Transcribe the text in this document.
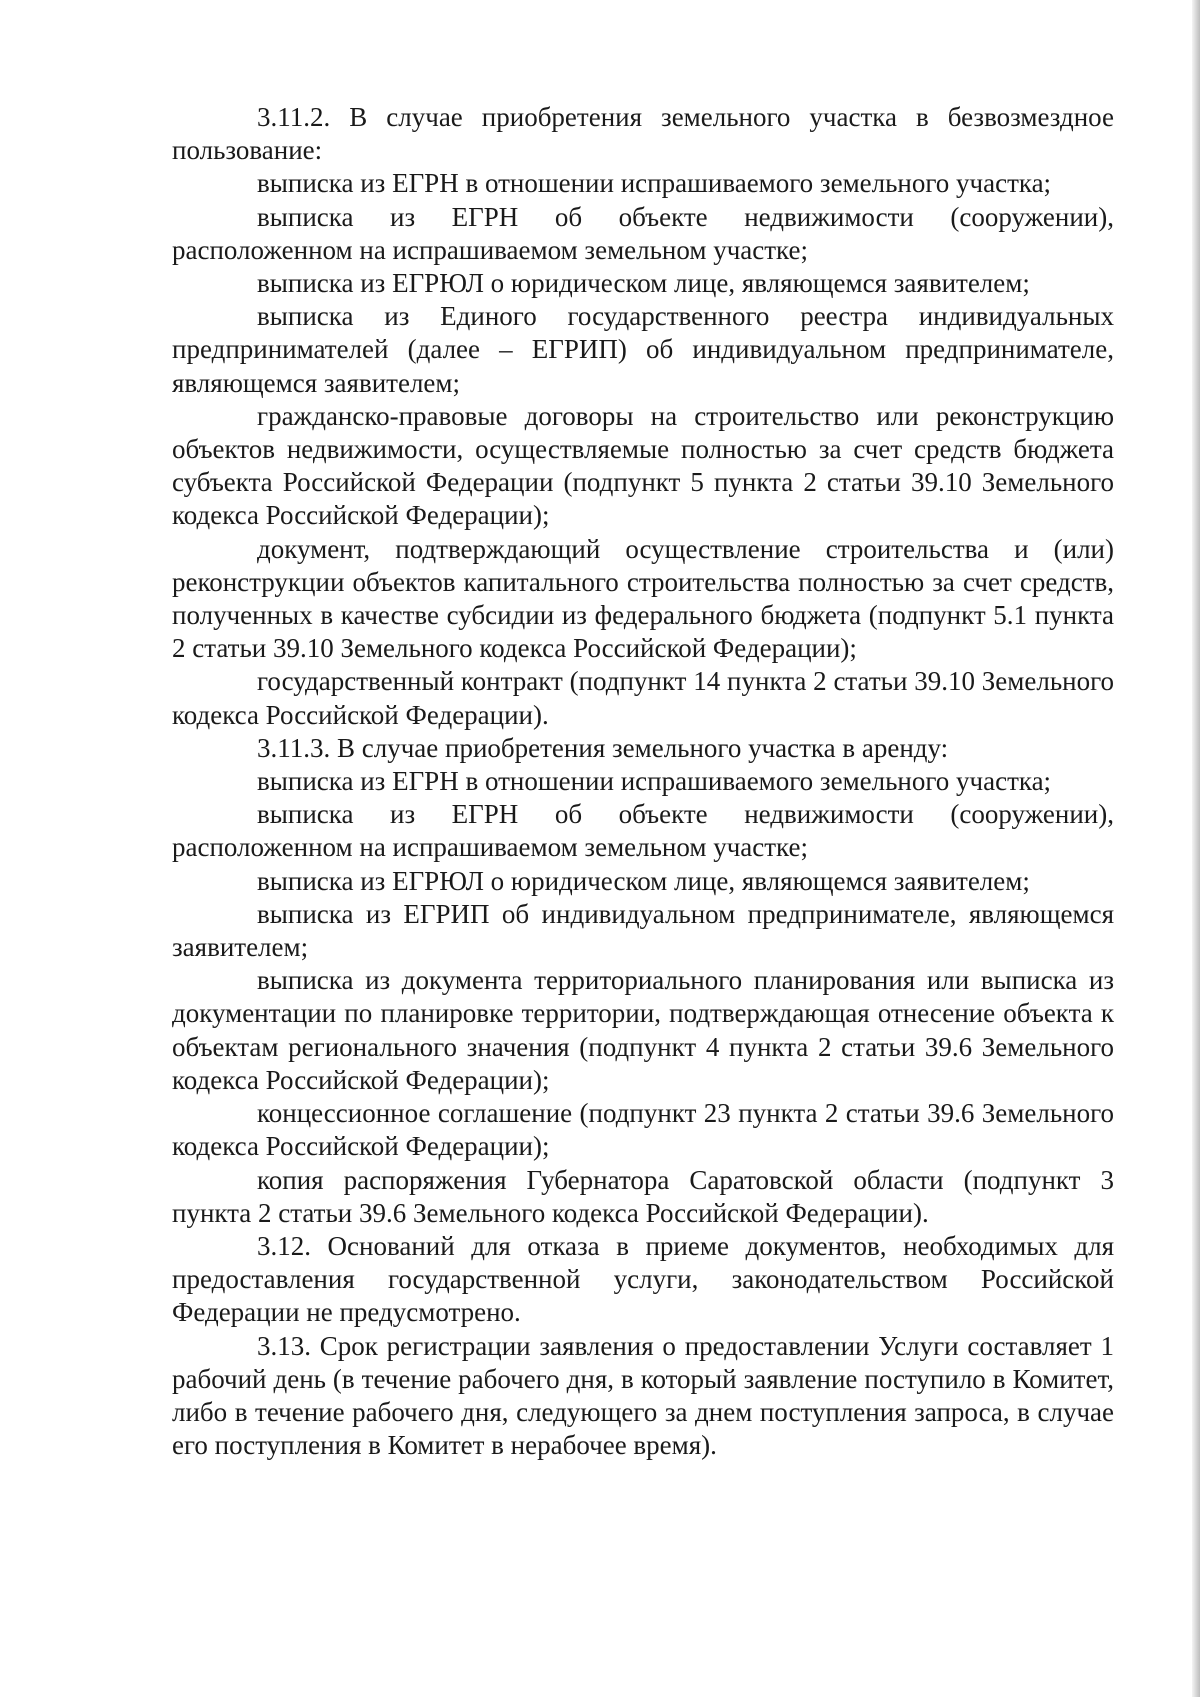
3.11.2. В случае приобретения земельного участка в безвозмездное пользование:

выписка из ЕГРН в отношении испрашиваемого земельного участка;

выписка из ЕГРН об объекте недвижимости (сооружении), расположенном на испрашиваемом земельном участке;

выписка из ЕГРЮЛ о юридическом лице, являющемся заявителем;

выписка из Единого государственного реестра индивидуальных предпринимателей (далее – ЕГРИП) об индивидуальном предпринимателе, являющемся заявителем;

гражданско-правовые договоры на строительство или реконструкцию объектов недвижимости, осуществляемые полностью за счет средств бюджета субъекта Российской Федерации (подпункт 5 пункта 2 статьи 39.10 Земельного кодекса Российской Федерации);

документ, подтверждающий осуществление строительства и (или) реконструкции объектов капитального строительства полностью за счет средств, полученных в качестве субсидии из федерального бюджета (подпункт 5.1 пункта 2 статьи 39.10 Земельного кодекса Российской Федерации);

государственный контракт (подпункт 14 пункта 2 статьи 39.10 Земельного кодекса Российской Федерации).

3.11.3. В случае приобретения земельного участка в аренду:

выписка из ЕГРН в отношении испрашиваемого земельного участка;

выписка из ЕГРН об объекте недвижимости (сооружении), расположенном на испрашиваемом земельном участке;

выписка из ЕГРЮЛ о юридическом лице, являющемся заявителем;

выписка из ЕГРИП об индивидуальном предпринимателе, являющемся заявителем;

выписка из документа территориального планирования или выписка из документации по планировке территории, подтверждающая отнесение объекта к объектам регионального значения (подпункт 4 пункта 2 статьи 39.6 Земельного кодекса Российской Федерации);

концессионное соглашение (подпункт 23 пункта 2 статьи 39.6 Земельного кодекса Российской Федерации);

копия распоряжения Губернатора Саратовской области (подпункт 3 пункта 2 статьи 39.6 Земельного кодекса Российской Федерации).

3.12. Оснований для отказа в приеме документов, необходимых для предоставления государственной услуги, законодательством Российской Федерации не предусмотрено.

3.13. Срок регистрации заявления о предоставлении Услуги составляет 1 рабочий день (в течение рабочего дня, в который заявление поступило в Комитет, либо в течение рабочего дня, следующего за днем поступления запроса, в случае его поступления в Комитет в нерабочее время).
